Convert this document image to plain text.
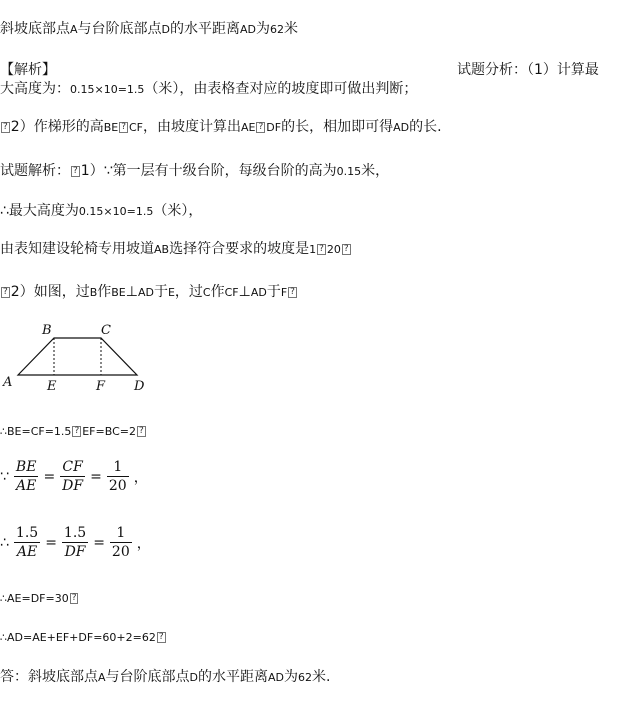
斜坡底部点A与台阶底部点D的水平距离AD为62米
【解析】	试题分析：（1）计算最
大高度为：0.15×10=1.5（米），由表格查对应的坡度即可做出判断；
? 2）作梯形的高BE ? CF，由坡度计算出AE ? DF的长，相加即可得AD的长.
试题解析： ? 1）∵第一层有十级台阶，每级台阶的高为0.15米，
∴最大高度为0.15×10=1.5（米），
由表知建设轮椅专用坡道AB选择符合要求的坡度是1 ? 20 ?
? 2）如图，过B作BE⊥AD于E，过C作CF⊥AD于F ?
B	C
A	E	F D
∴BE=CF=1.5 ? EF=BC=2 ?
∵ $\frac{BE}{AE} = \frac{CF}{DF} = \frac{1}{20}$ ，
∴ $\frac{1.5}{AE} = \frac{1.5}{DF} = \frac{1}{20}$ ，
∴AE=DF=30 ?
∴AD=AE+EF+DF=60+2=62 ?
答：斜坡底部点A与台阶底部点D的水平距离AD为62米.
